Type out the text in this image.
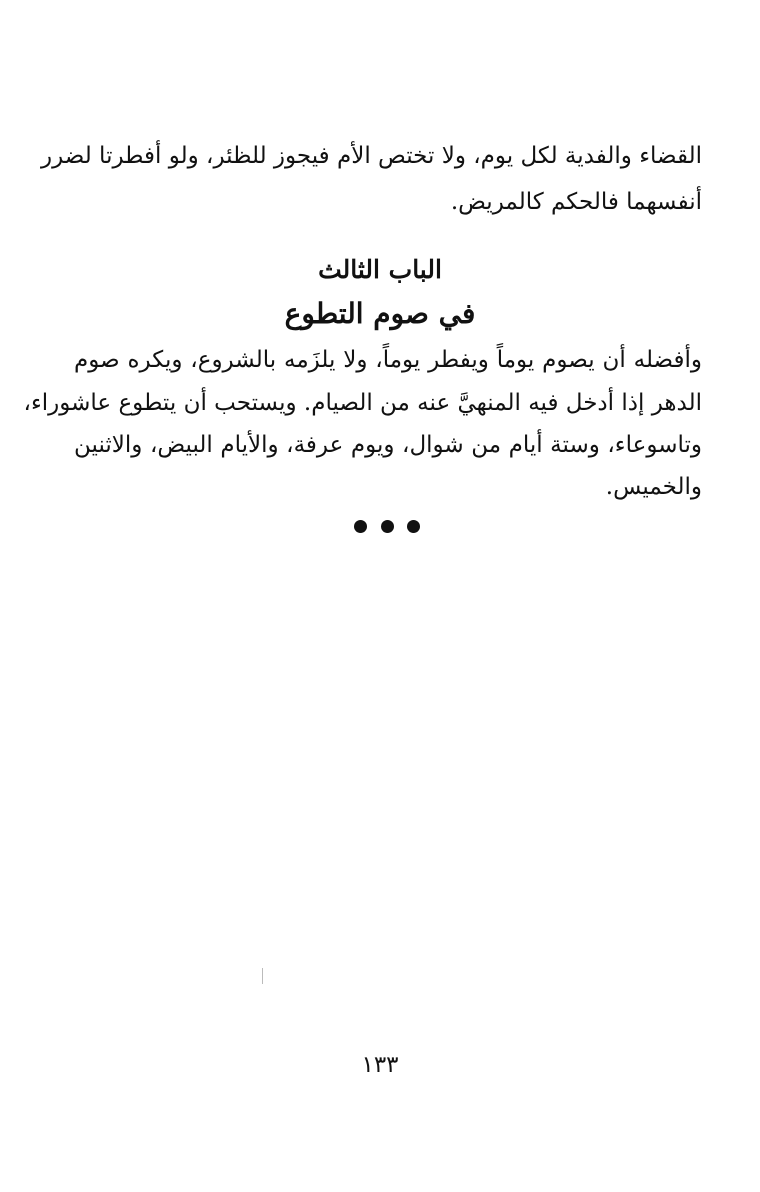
القضاء والفدية لكل يوم، ولا تختص الأم فيجوز للظئر، ولو أفطرتا لضرر
أنفسهما فالحكم كالمريض.
الباب الثالث
في صوم التطوع
وأفضله أن يصوم يوماً ويفطر يوماً، ولا يلزَمه بالشروع، ويكره صوم
الدهر إذا أدخل فيه المنهيَّ عنه من الصيام. ويستحب أن يتطوع عاشوراء،
وتاسوعاء، وستة أيام من شوال، ويوم عرفة، والأيام البيض، والاثنين
والخميس.
١٣٣
